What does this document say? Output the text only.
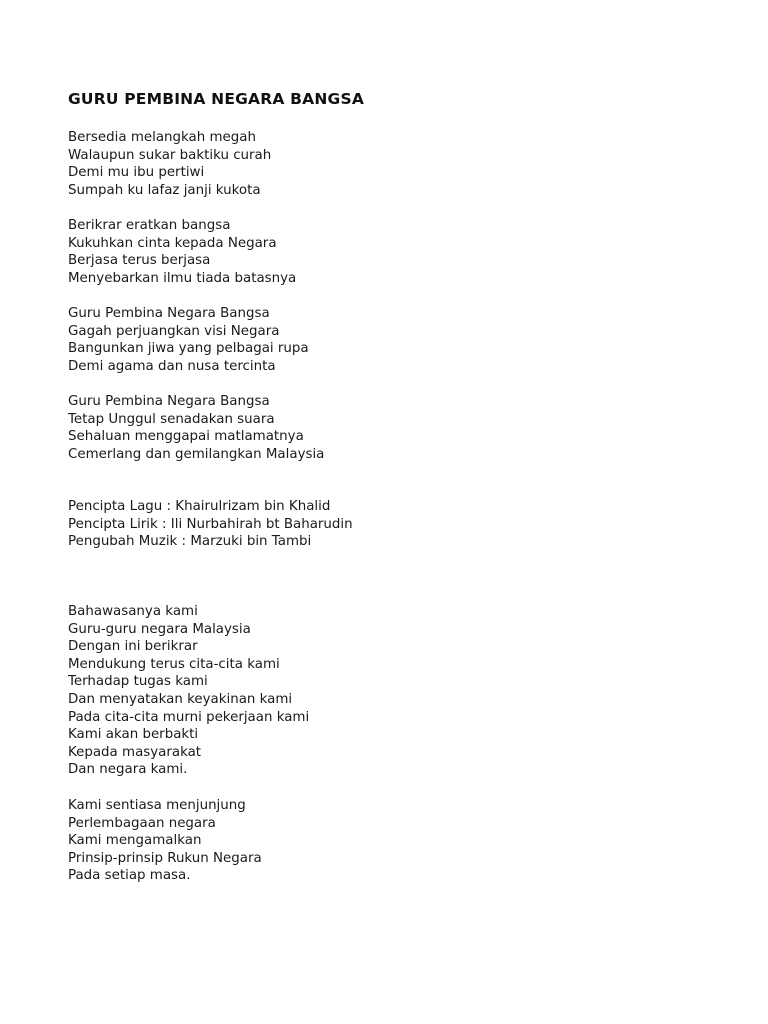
GURU PEMBINA NEGARA BANGSA
Bersedia melangkah megah
Walaupun sukar baktiku curah
Demi mu ibu pertiwi
Sumpah ku lafaz janji kukota
Berikrar eratkan bangsa
Kukuhkan cinta kepada Negara
Berjasa terus berjasa
Menyebarkan ilmu tiada batasnya
Guru Pembina Negara Bangsa
Gagah perjuangkan visi Negara
Bangunkan jiwa yang pelbagai rupa
Demi agama dan nusa tercinta
Guru Pembina Negara Bangsa
Tetap Unggul senadakan suara
Sehaluan menggapai matlamatnya
Cemerlang dan gemilangkan Malaysia
Pencipta Lagu : Khairulrizam bin Khalid
Pencipta Lirik : Ili Nurbahirah bt Baharudin
Pengubah Muzik : Marzuki bin Tambi
Bahawasanya kami
Guru-guru negara Malaysia
Dengan ini berikrar
Mendukung terus cita-cita kami
Terhadap tugas kami
Dan menyatakan keyakinan kami
Pada cita-cita murni pekerjaan kami
Kami akan berbakti
Kepada masyarakat
Dan negara kami.
Kami sentiasa menjunjung
Perlembagaan negara
Kami mengamalkan
Prinsip-prinsip Rukun Negara
Pada setiap masa.
